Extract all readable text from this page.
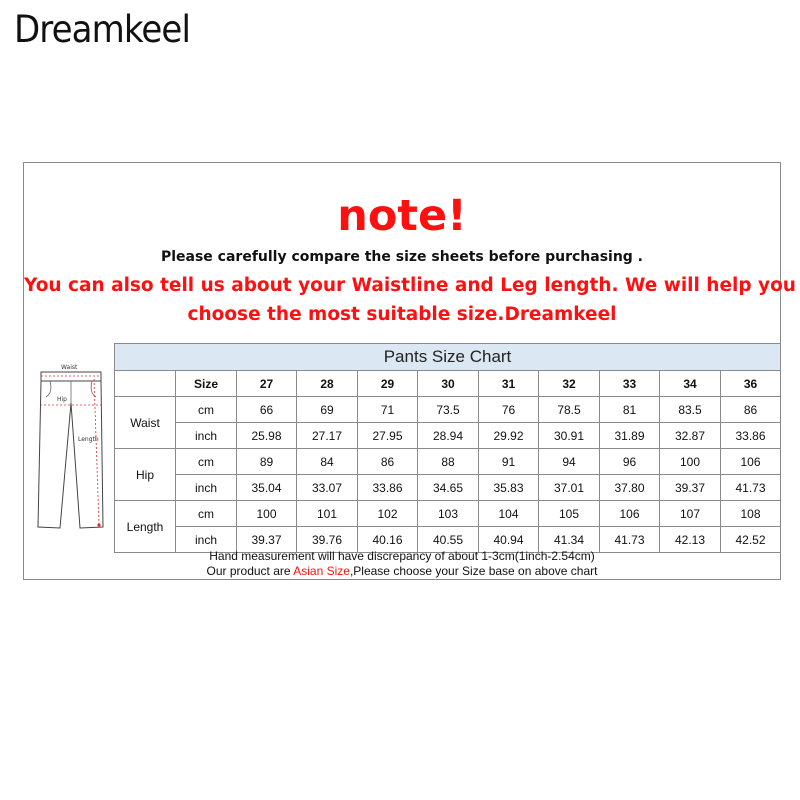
Dreamkeel
note!
Please carefully compare the size sheets before purchasing .
You can also tell us about your Waistline and Leg length. We will help you
choose the most suitable size.Dreamkeel
Waist
Hip
Length
Pants Size Chart										
	Size	27	28	29	30	31	32	33	34	36
Waist	cm	66	69	71	73.5	76	78.5	81	83.5	86
	inch	25.98	27.17	27.95	28.94	29.92	30.91	31.89	32.87	33.86
Hip	cm	89	84	86	88	91	94	96	100	106
	inch	35.04	33.07	33.86	34.65	35.83	37.01	37.80	39.37	41.73
Length	cm	100	101	102	103	104	105	106	107	108
	inch	39.37	39.76	40.16	40.55	40.94	41.34	41.73	42.13	42.52
Hand measurement will have discrepancy of about 1-3cm(1inch-2.54cm)
Our product are Asian Size,Please choose your Size base on above chart
